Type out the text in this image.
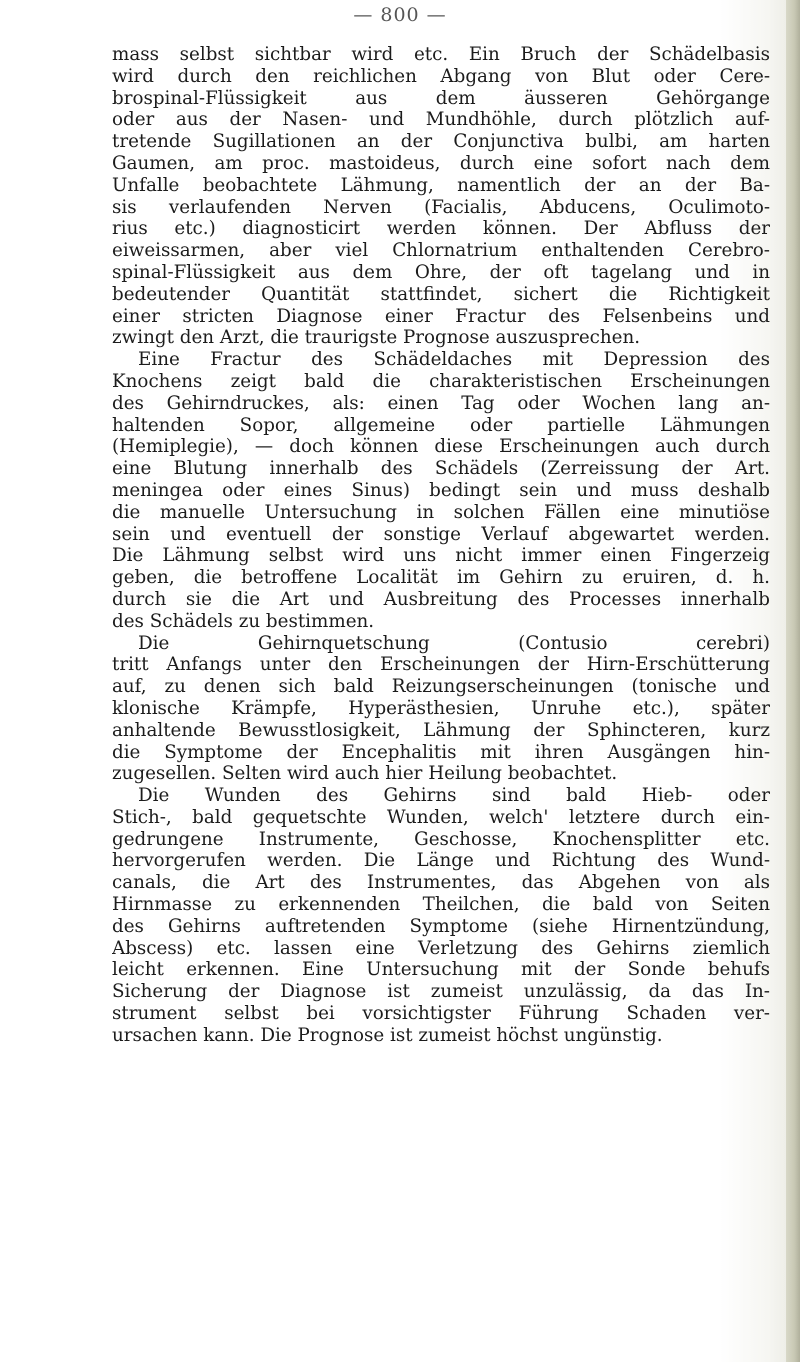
— 800 —
mass selbst sichtbar wird etc. Ein Bruch der Schädelbasis
wird durch den reichlichen Abgang von Blut oder Cere-
brospinal-Flüssigkeit aus dem äusseren Gehörgange
oder aus der Nasen- und Mundhöhle, durch plötzlich auf-
tretende Sugillationen an der Conjunctiva bulbi, am harten
Gaumen, am proc. mastoideus, durch eine sofort nach dem
Unfalle beobachtete Lähmung, namentlich der an der Ba-
sis verlaufenden Nerven (Facialis, Abducens, Oculimoto-
rius etc.) diagnosticirt werden können. Der Abfluss der
eiweissarmen, aber viel Chlornatrium enthaltenden Cerebro-
spinal-Flüssigkeit aus dem Ohre, der oft tagelang und in
bedeutender Quantität stattfindet, sichert die Richtigkeit
einer stricten Diagnose einer Fractur des Felsenbeins und
zwingt den Arzt, die traurigste Prognose auszusprechen.
Eine Fractur des Schädeldaches mit Depression des
Knochens zeigt bald die charakteristischen Erscheinungen
des Gehirndruckes, als: einen Tag oder Wochen lang an-
haltenden Sopor, allgemeine oder partielle Lähmungen
(Hemiplegie), — doch können diese Erscheinungen auch durch
eine Blutung innerhalb des Schädels (Zerreissung der Art.
meningea oder eines Sinus) bedingt sein und muss deshalb
die manuelle Untersuchung in solchen Fällen eine minutiöse
sein und eventuell der sonstige Verlauf abgewartet werden.
Die Lähmung selbst wird uns nicht immer einen Fingerzeig
geben, die betroffene Localität im Gehirn zu eruiren, d. h.
durch sie die Art und Ausbreitung des Processes innerhalb
des Schädels zu bestimmen.
Die Gehirnquetschung (Contusio cerebri)
tritt Anfangs unter den Erscheinungen der Hirn-Erschütterung
auf, zu denen sich bald Reizungserscheinungen (tonische und
klonische Krämpfe, Hyperästhesien, Unruhe etc.), später
anhaltende Bewusstlosigkeit, Lähmung der Sphincteren, kurz
die Symptome der Encephalitis mit ihren Ausgängen hin-
zugesellen. Selten wird auch hier Heilung beobachtet.
Die Wunden des Gehirns sind bald Hieb- oder
Stich-, bald gequetschte Wunden, welch' letztere durch ein-
gedrungene Instrumente, Geschosse, Knochensplitter etc.
hervorgerufen werden. Die Länge und Richtung des Wund-
canals, die Art des Instrumentes, das Abgehen von als
Hirnmasse zu erkennenden Theilchen, die bald von Seiten
des Gehirns auftretenden Symptome (siehe Hirnentzündung,
Abscess) etc. lassen eine Verletzung des Gehirns ziemlich
leicht erkennen. Eine Untersuchung mit der Sonde behufs
Sicherung der Diagnose ist zumeist unzulässig, da das In-
strument selbst bei vorsichtigster Führung Schaden ver-
ursachen kann. Die Prognose ist zumeist höchst ungünstig.
